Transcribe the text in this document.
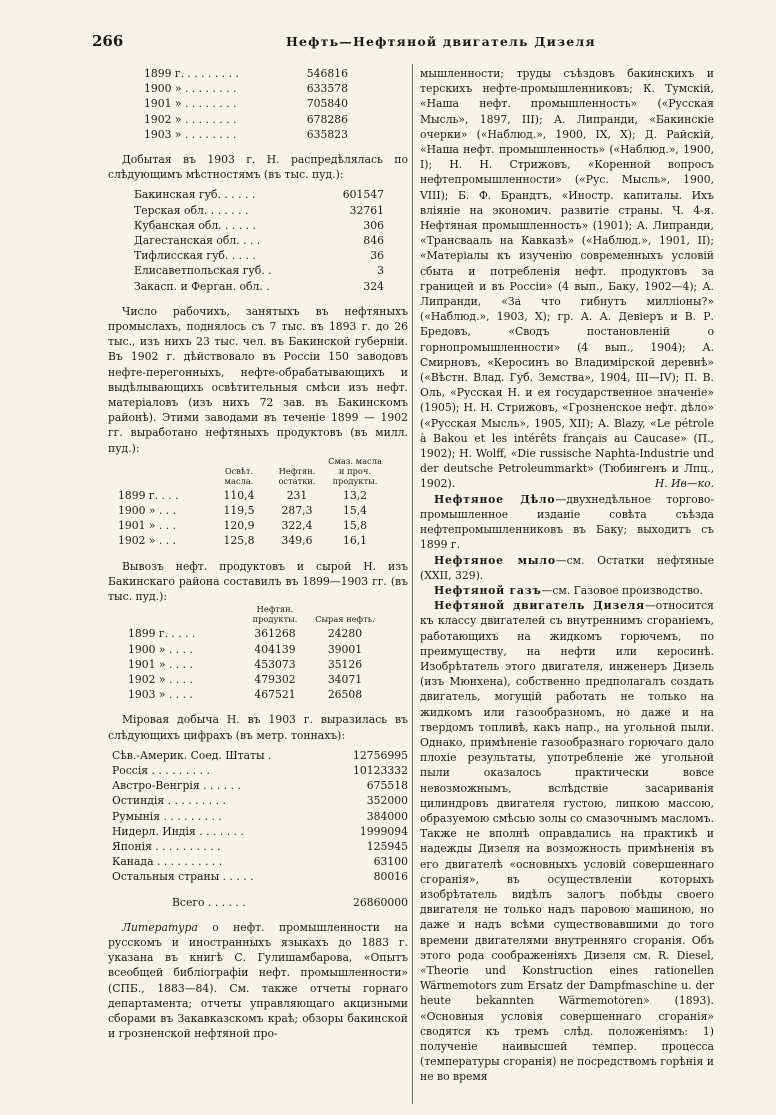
266	Нефть—Нефтяной двигатель Дизеля
1899 г. . . . . . . . .	546816
1900 » . . . . . . . .	633578
1901 » . . . . . . . .	705840
1902 » . . . . . . . .	678286
1903 » . . . . . . . .	635823

Добытая въ 1903 г. Н. распредѣлялась по слѣдующимъ мѣстностямъ (въ тыс. пуд.):

Бакинская губ. . . . . .	601547
Терская обл. . . . . . .	32761
Кубанская обл. . . . . .	306
Дагестанская обл. . . .	846
Тифлисская губ. . . . .	36
Елисаветпольская губ. .	3
Закасп. и Ферган. обл. .	324

Число рабочихъ, занятыхъ въ нефтяныхъ промыслахъ, поднялось съ 7 тыс. въ 1893 г. до 26 тыс., изъ нихъ 23 тыс. чел. въ Бакинской губерніи. Въ 1902 г. дѣйствовало въ Россіи 150 заводовъ нефте-перегонныхъ, нефте-обрабатывающихъ и выдѣлывающихъ освѣтительныя смѣси изъ нефт. матеріаловъ (изъ нихъ 72 зав. въ Бакинскомъ районѣ). Этими заводами въ теченіе 1899 — 1902 гг. выработано нефтяныхъ продуктовъ (въ милл. пуд.):

	Освѣт. масла.	Нефтян. остатки.	Смаз. масла и проч. продукты.
1899 г. . . .	110,4	231	13,2
1900 » . . .	119,5	287,3	15,4
1901 » . . .	120,9	322,4	15,8
1902 » . . .	125,8	349,6	16,1

Вывозъ нефт. продуктовъ и сырой Н. изъ Бакинскаго района составилъ въ 1899—1903 гг. (въ тыс. пуд.):

	Нефтян. продукты.	Сырая нефть.
1899 г. . . . .	361268	24280
1900 » . . . .	404139	39001
1901 » . . . .	453073	35126
1902 » . . . .	479302	34071
1903 » . . . .	467521	26508

Мiровая добыча Н. въ 1903 г. выразилась въ слѣдующихъ цифрахъ (въ метр. тоннахъ):

Сѣв.-Америк. Соед. Штаты .	12756995
Россія . . . . . . . . .	10123332
Австро-Венгрія . . . . . .	675518
Остиндія . . . . . . . . .	352000
Румынія . . . . . . . . .	384000
Нидерл. Индія . . . . . . .	1999094
Японія . . . . . . . . . .	125945
Канада . . . . . . . . . .	63100
Остальныя страны . . . . .	80016
Всего . . . . . .	26860000

Литература о нефт. промышленности на русскомъ и иностранныхъ языкахъ до 1883 г. указана въ книгѣ С. Гулишамбарова, «Опытъ всеобщей библіографіи нефт. промышленности» (СПБ., 1883—84). См. также отчеты горнаго департамента; отчеты управляющаго акцизными сборами въ Закавказскомъ краѣ; обзоры бакинской и грозненской нефтяной про-

мышленности; труды съѣздовъ бакинскихъ и терскихъ нефте-промышленниковъ; К. Тумскій, «Наша нефт. промышленность» («Русская Мысль», 1897, III); А. Липранди, «Бакинскіе очерки» («Наблюд.», 1900, IX, X); Д. Райскій, «Наша нефт. промышленность» («Наблюд.», 1900, I); Н. Н. Стрижовъ, «Коренной вопросъ нефтепромышленности» («Рус. Мысль», 1900, VIII); Б. Ф. Брандтъ, «Иностр. капиталы. Ихъ вліяніе на экономич. развитіе страны. Ч. 4-я. Нефтяная промышленность» (1901); А. Липранди, «Трансвааль на Кавказѣ» («Наблюд.», 1901, II); «Матеріалы къ изученію современныхъ условій сбыта и потребленія нефт. продуктовъ за границей и въ Россіи» (4 вып., Баку, 1902—4); А. Липранди, «За что гибнутъ милліоны?» («Наблюд.», 1903, X); гр. А. А. Девіеръ и В. Р. Бредовъ, «Сводъ постановленій о горнопромышленности» (4 вып., 1904); А. Смирновъ, «Керосинъ во Владимірской деревнѣ» («Вѣстн. Влад. Губ. Земства», 1904, III—IV); П. В. Оль, «Русская Н. и ея государственное значеніе» (1905); Н. Н. Стрижовъ, «Грозненское нефт. дѣло» («Русская Мысль», 1905, XII); A. Blazy, «Le pétrole à Bakou et les intérêts français au Caucase» (П., 1902); H. Wolff, «Die russische Naphta-Industrie und der deutsche Petroleummarkt» (Тюбингенъ и Лпц., 1902).	Н. Ив—ко.

Нефтяное Дѣло—двухнедѣльное торгово-промышленное изданіе совѣта съѣзда нефтепромышленниковъ въ Баку; выходитъ съ 1899 г.

Нефтяное мыло—см. Остатки нефтяные (XXII, 329).

Нефтяной газъ—см. Газовое производство.

Нефтяной двигатель Дизеля—относится къ классу двигателей съ внутреннимъ сгораніемъ, работающихъ на жидкомъ горючемъ, по преимуществу, на нефти или керосинѣ. Изобрѣтатель этого двигателя, инженеръ Дизель (изъ Мюнхена), собственно предполагалъ создать двигатель, могущій работать не только на жидкомъ или газообразномъ, но даже и на твердомъ топливѣ, какъ напр., на угольной пыли. Однако, примѣненіе газообразнаго горючаго дало плохіе результаты, употребленіе же угольной пыли оказалось практически вовсе невозможнымъ, вслѣдствіе засариванія цилиндровъ двигателя густою, липкою массою, образуемою смѣсью золы со смазочнымъ масломъ. Также не вполнѣ оправдались на практикѣ и надежды Дизеля на возможность примѣненія въ его двигателѣ «основныхъ условій совершеннаго сгоранія», въ осуществленіи которыхъ изобрѣтатель видѣлъ залогъ побѣды своего двигателя не только надъ паровою машиною, но даже и надъ всѣми существовавшими до того времени двигателями внутренняго сгоранія. Объ этого рода соображеніяхъ Дизеля см. R. Diesel, «Theorie und Konstruction eines rationellen Wärmemotors zum Ersatz der Dampfmaschine u. der heute bekannten Wärmemotoren» (1893). «Основныя условія совершеннаго сгоранія» сводятся къ тремъ слѣд. положеніямъ: 1) полученіе наивысшей темпер. процесса (температуры сгоранія) не посредствомъ горѣнія и не во время
